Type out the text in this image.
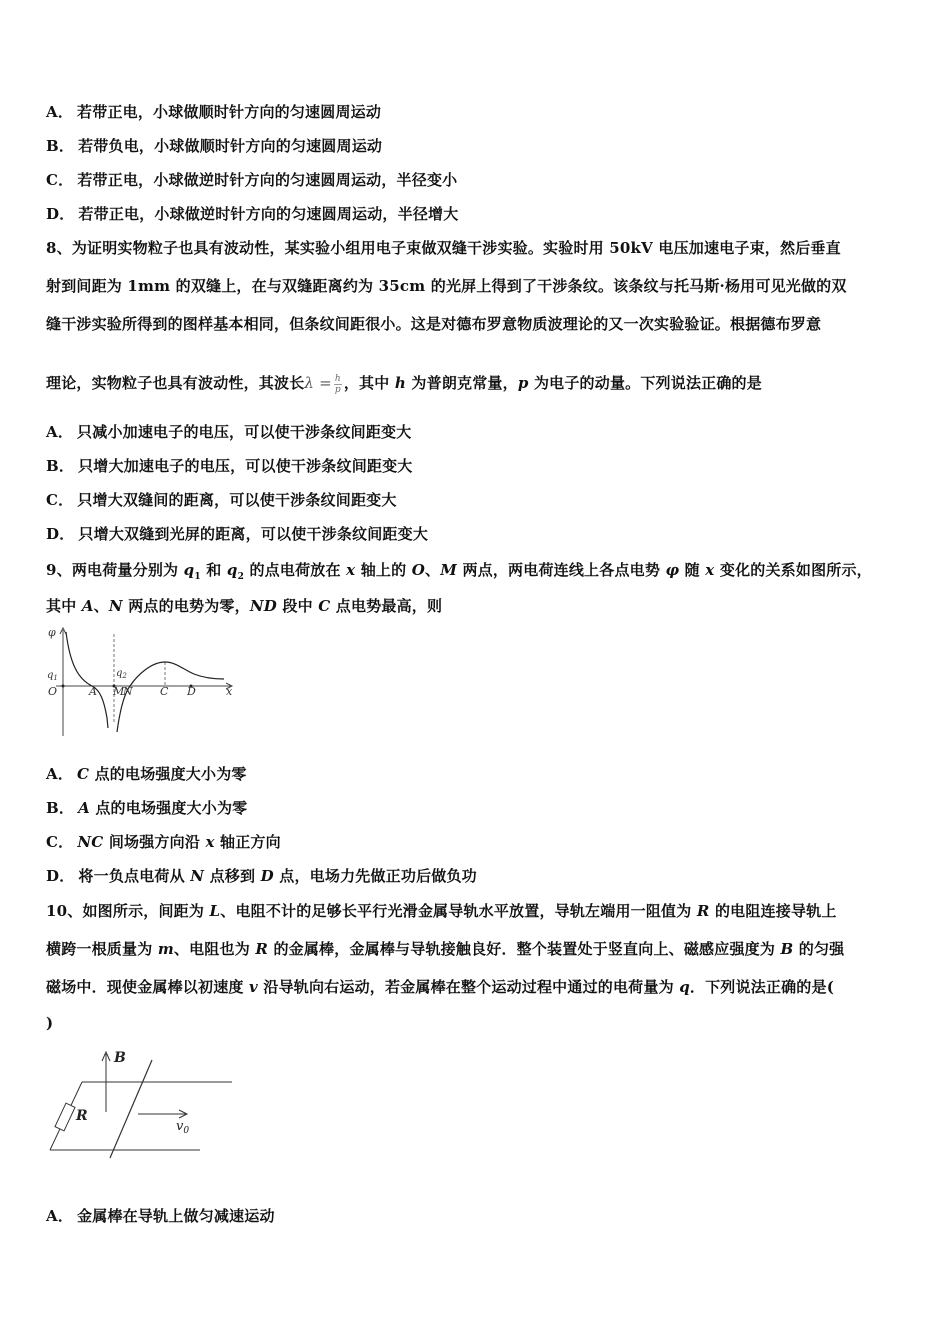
A． 若带正电，小球做顺时针方向的匀速圆周运动
B． 若带负电，小球做顺时针方向的匀速圆周运动
C． 若带正电，小球做逆时针方向的匀速圆周运动，半径变小
D． 若带正电，小球做逆时针方向的匀速圆周运动，半径增大
8、为证明实物粒子也具有波动性，某实验小组用电子束做双缝干涉实验。实验时用 50kV 电压加速电子束，然后垂直
射到间距为 1mm 的双缝上，在与双缝距离约为 35cm 的光屏上得到了干涉条纹。该条纹与托马斯·杨用可见光做的双
缝干涉实验所得到的图样基本相同，但条纹间距很小。这是对德布罗意物质波理论的又一次实验验证。根据德布罗意
理论，实物粒子也具有波动性，其波长$\lambda = \frac{h}{p}$ ，其中 h 为普朗克常量，p 为电子的动量。下列说法正确的是
A． 只减小加速电子的电压，可以使干涉条纹间距变大
B． 只增大加速电子的电压，可以使干涉条纹间距变大
C． 只增大双缝间的距离，可以使干涉条纹间距变大
D． 只增大双缝到光屏的距离，可以使干涉条纹间距变大
9、两电荷量分别为 $q_1$ 和 $q_2$ 的点电荷放在 x 轴上的 O、M 两点，两电荷连线上各点电势 φ 随 x 变化的关系如图所示，
其中 A、N 两点的电势为零，ND 段中 C 点电势最高，则
φ
$q_1$	$q_2$
O	A M
N C D	x
A． C 点的电场强度大小为零
B． A 点的电场强度大小为零
C． NC 间场强方向沿 x 轴正方向
D． 将一负点电荷从 N 点移到 D 点，电场力先做正功后做负功
10、如图所示，间距为 L、电阻不计的足够长平行光滑金属导轨水平放置，导轨左端用一阻值为 R 的电阻连接导轨上
横跨一根质量为 m、电阻也为 R 的金属棒，金属棒与导轨接触良好．整个装置处于竖直向上、磁感应强度为 B 的匀强
磁场中．现使金属棒以初速度 v 沿导轨向右运动，若金属棒在整个运动过程中通过的电荷量为 q．下列说法正确的是(
)
R
B
$v_0$
A． 金属棒在导轨上做匀减速运动
